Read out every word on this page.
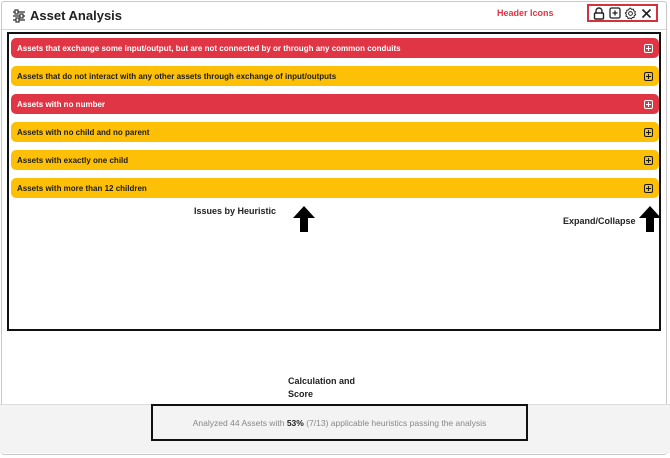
Asset Analysis	Header Icons
Assets that exchange some input/output, but are not connected by or through any common conduits
Assets that do not interact with any other assets through exchange of input/outputs
Assets with no number
Assets with no child and no parent
Assets with exactly one child
Assets with more than 12 children
Issues by Heuristic
Expand/Collapse
Calculation and
Score
Analyzed 44 Assets with
53%
(7/13) applicable heuristics passing the analysis
